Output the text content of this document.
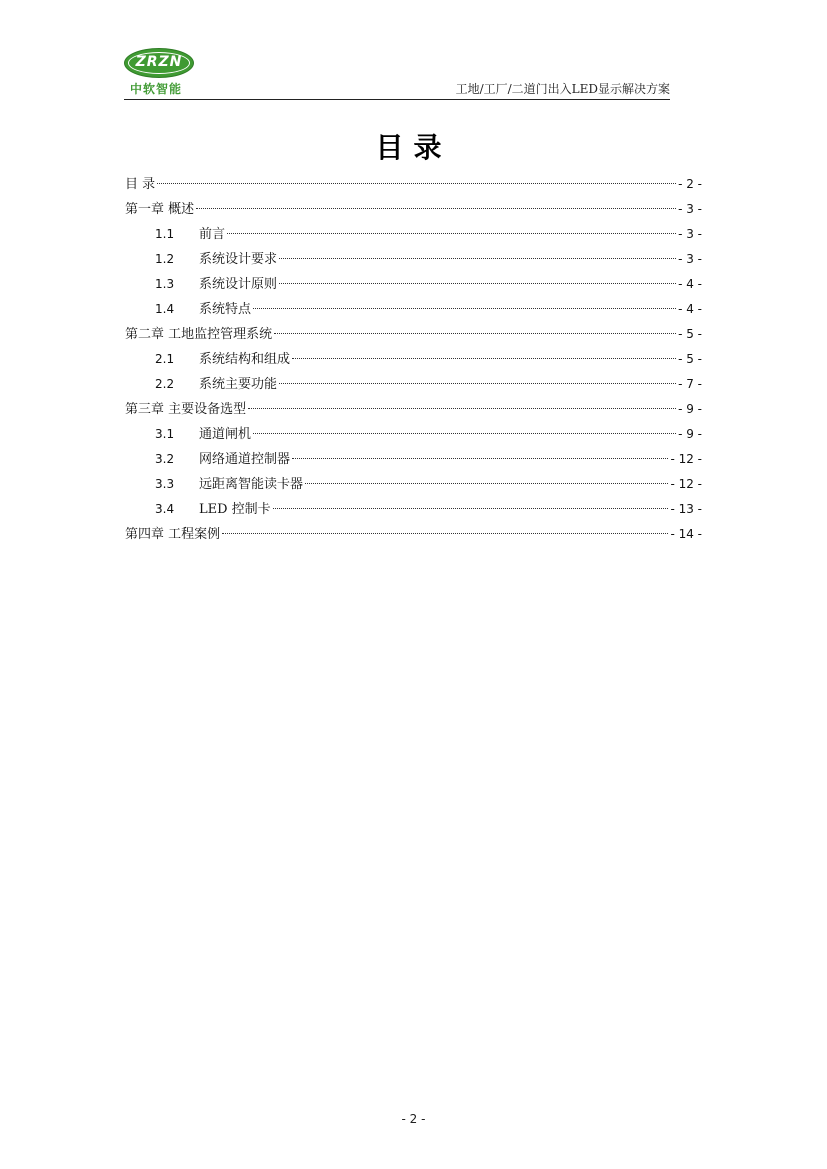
ZRZN
中软智能	工地/工厂/二道门出入LED显示解决方案
目录
目 录	- 2 -
第一章 概述	- 3 -
1.1	前言	- 3 -
1.2	系统设计要求	- 3 -
1.3	系统设计原则	- 4 -
1.4	系统特点	- 4 -
第二章 工地监控管理系统	- 5 -
2.1	系统结构和组成	- 5 -
2.2	系统主要功能	- 7 -
第三章 主要设备选型	- 9 -
3.1	通道闸机	- 9 -
3.2	网络通道控制器	- 12 -
3.3	远距离智能读卡器	- 12 -
3.4	LED 控制卡	- 13 -
第四章 工程案例	- 14 -
- 2 -
